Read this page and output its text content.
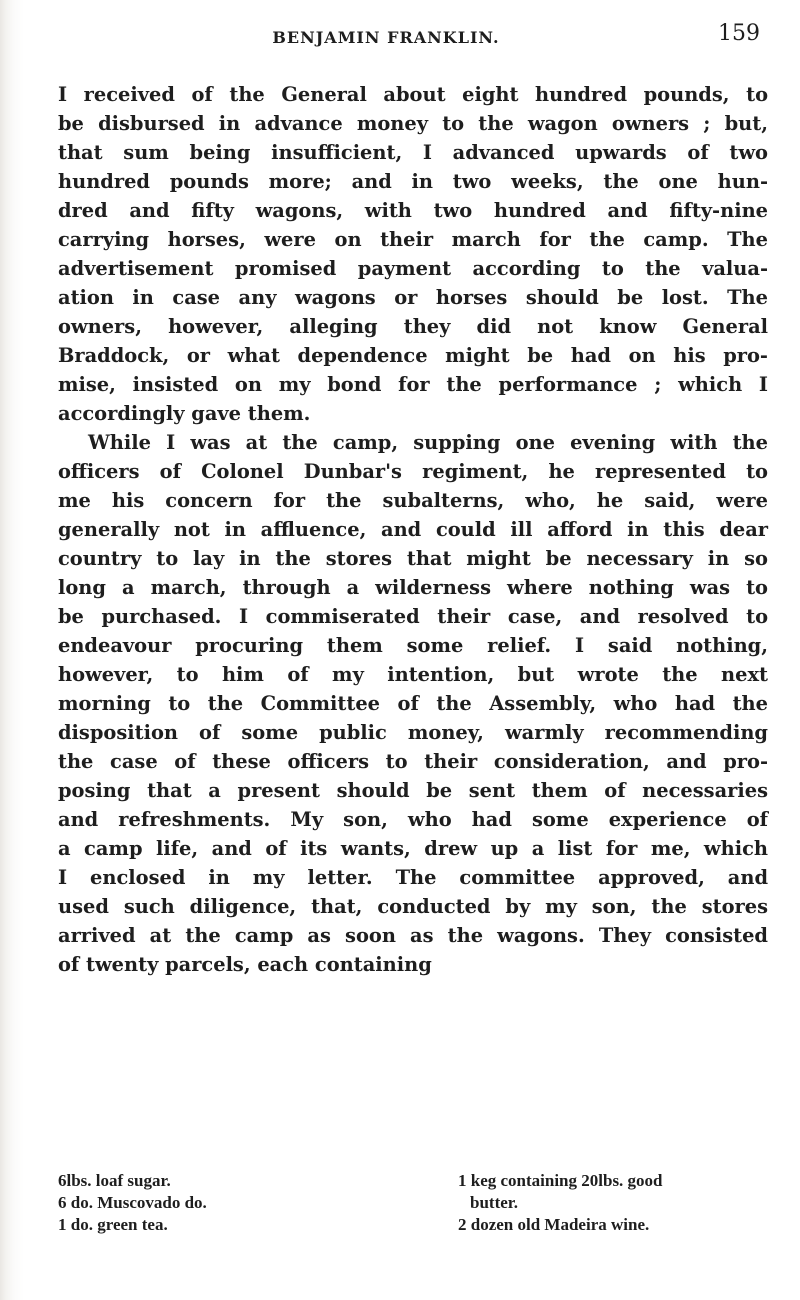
BENJAMIN FRANKLIN.	159
I received of the General about eight hundred pounds, to
be disbursed in advance money to the wagon owners ; but,
that sum being insufficient, I advanced upwards of two
hundred pounds more; and in two weeks, the one hun-
dred and fifty wagons, with two hundred and fifty-nine
carrying horses, were on their march for the camp. The
advertisement promised payment according to the valua-
ation in case any wagons or horses should be lost. The
owners, however, alleging they did not know General
Braddock, or what dependence might be had on his pro-
mise, insisted on my bond for the performance ; which I
accordingly gave them.
While I was at the camp, supping one evening with the
officers of Colonel Dunbar's regiment, he represented to
me his concern for the subalterns, who, he said, were
generally not in affluence, and could ill afford in this dear
country to lay in the stores that might be necessary in so
long a march, through a wilderness where nothing was to
be purchased. I commiserated their case, and resolved to
endeavour procuring them some relief. I said nothing,
however, to him of my intention, but wrote the next
morning to the Committee of the Assembly, who had the
disposition of some public money, warmly recommending
the case of these officers to their consideration, and pro-
posing that a present should be sent them of necessaries
and refreshments. My son, who had some experience of
a camp life, and of its wants, drew up a list for me, which
I enclosed in my letter. The committee approved, and
used such diligence, that, conducted by my son, the stores
arrived at the camp as soon as the wagons. They consisted
of twenty parcels, each containing
6lbs. loaf sugar.
6 do. Muscovado do.
1 do. green tea.
1 keg containing 20lbs. good
butter.
2 dozen old Madeira wine.
